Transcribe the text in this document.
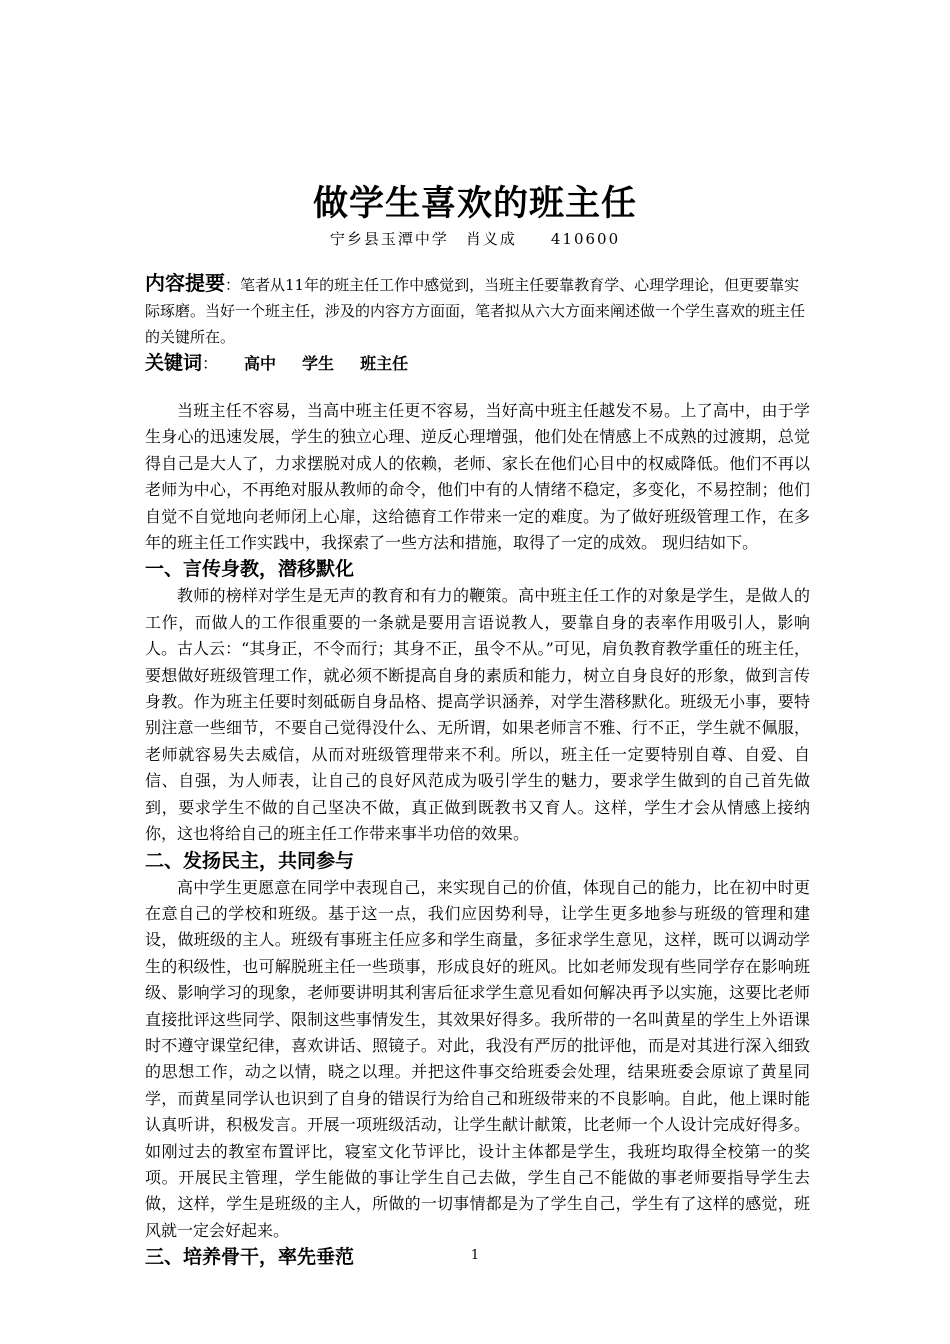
做学生喜欢的班主任

宁乡县玉潭中学　肖义成　　410600

内容提要：笔者从11年的班主任工作中感觉到，当班主任要靠教育学、心理学理论，但更要靠实际琢磨。当好一个班主任，涉及的内容方方面面，笔者拟从六大方面来阐述做一个学生喜欢的班主任的关键所在。

关键词： 高中 学生 班主任

当班主任不容易，当高中班主任更不容易，当好高中班主任越发不易。上了高中，由于学生身心的迅速发展，学生的独立心理、逆反心理增强，他们处在情感上不成熟的过渡期，总觉得自己是大人了，力求摆脱对成人的依赖，老师、家长在他们心目中的权威降低。他们不再以老师为中心，不再绝对服从教师的命令，他们中有的人情绪不稳定，多变化，不易控制；他们自觉不自觉地向老师闭上心扉，这给德育工作带来一定的难度。为了做好班级管理工作，在多年的班主任工作实践中，我探索了一些方法和措施，取得了一定的成效。 现归结如下。

一、言传身教，潜移默化

教师的榜样对学生是无声的教育和有力的鞭策。高中班主任工作的对象是学生，是做人的工作，而做人的工作很重要的一条就是要用言语说教人，要靠自身的表率作用吸引人，影响人。古人云：“其身正，不令而行；其身不正，虽令不从。”可见，肩负教育教学重任的班主任，要想做好班级管理工作，就必须不断提高自身的素质和能力，树立自身良好的形象，做到言传身教。作为班主任要时刻砥砺自身品格、提高学识涵养，对学生潜移默化。班级无小事，要特别注意一些细节，不要自己觉得没什么、无所谓，如果老师言不雅、行不正，学生就不佩服，老师就容易失去威信，从而对班级管理带来不利。所以，班主任一定要特别自尊、自爱、自信、自强，为人师表，让自己的良好风范成为吸引学生的魅力，要求学生做到的自己首先做到，要求学生不做的自己坚决不做，真正做到既教书又育人。这样，学生才会从情感上接纳你，这也将给自己的班主任工作带来事半功倍的效果。

二、发扬民主，共同参与

高中学生更愿意在同学中表现自己，来实现自己的价值，体现自己的能力，比在初中时更在意自己的学校和班级。基于这一点，我们应因势利导，让学生更多地参与班级的管理和建设，做班级的主人。班级有事班主任应多和学生商量，多征求学生意见，这样，既可以调动学生的积级性，也可解脱班主任一些琐事，形成良好的班风。比如老师发现有些同学存在影响班级、影响学习的现象，老师要讲明其利害后征求学生意见看如何解决再予以实施，这要比老师直接批评这些同学、限制这些事情发生，其效果好得多。我所带的一名叫黄星的学生上外语课时不遵守课堂纪律，喜欢讲话、照镜子。对此，我没有严厉的批评他，而是对其进行深入细致的思想工作，动之以情，晓之以理。并把这件事交给班委会处理，结果班委会原谅了黄星同学，而黄星同学认也识到了自身的错误行为给自己和班级带来的不良影响。自此，他上课时能认真听讲，积极发言。开展一项班级活动，让学生献计献策，比老师一个人设计完成好得多。如刚过去的教室布置评比，寝室文化节评比，设计主体都是学生，我班均取得全校第一的奖项。开展民主管理，学生能做的事让学生自己去做，学生自己不能做的事老师要指导学生去做，这样，学生是班级的主人，所做的一切事情都是为了学生自己，学生有了这样的感觉，班风就一定会好起来。

三、培养骨干，率先垂范	1
